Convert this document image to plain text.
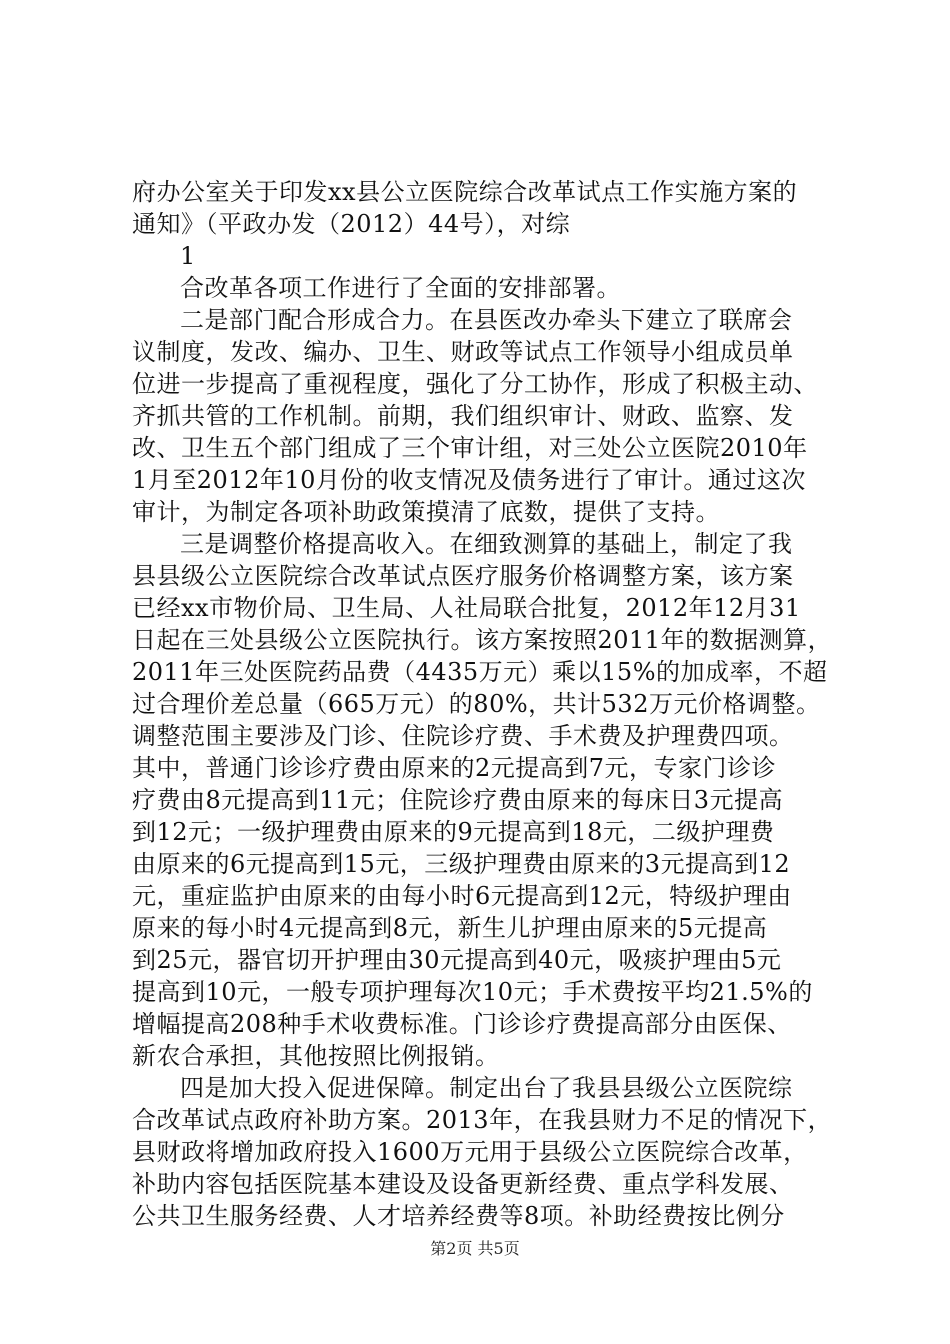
府办公室关于印发xx县公立医院综合改革试点工作实施方案的
通知》（平政办发（2012）44号），对综
1
合改革各项工作进行了全面的安排部署。
二是部门配合形成合力。在县医改办牵头下建立了联席会
议制度，发改、编办、卫生、财政等试点工作领导小组成员单
位进一步提高了重视程度，强化了分工协作，形成了积极主动、
齐抓共管的工作机制。前期，我们组织审计、财政、监察、发
改、卫生五个部门组成了三个审计组，对三处公立医院2010年
1月至2012年10月份的收支情况及债务进行了审计。通过这次
审计，为制定各项补助政策摸清了底数，提供了支持。
三是调整价格提高收入。在细致测算的基础上，制定了我
县县级公立医院综合改革试点医疗服务价格调整方案，该方案
已经xx市物价局、卫生局、人社局联合批复，2012年12月31
日起在三处县级公立医院执行。该方案按照2011年的数据测算，
2011年三处医院药品费（4435万元）乘以15%的加成率，不超
过合理价差总量（665万元）的80%，共计532万元价格调整。
调整范围主要涉及门诊、住院诊疗费、手术费及护理费四项。
其中，普通门诊诊疗费由原来的2元提高到7元，专家门诊诊
疗费由8元提高到11元；住院诊疗费由原来的每床日3元提高
到12元；一级护理费由原来的9元提高到18元，二级护理费
由原来的6元提高到15元，三级护理费由原来的3元提高到12
元，重症监护由原来的由每小时6元提高到12元，特级护理由
原来的每小时4元提高到8元，新生儿护理由原来的5元提高
到25元，器官切开护理由30元提高到40元，吸痰护理由5元
提高到10元，一般专项护理每次10元；手术费按平均21.5%的
增幅提高208种手术收费标准。门诊诊疗费提高部分由医保、
新农合承担，其他按照比例报销。
四是加大投入促进保障。制定出台了我县县级公立医院综
合改革试点政府补助方案。2013年，在我县财力不足的情况下，
县财政将增加政府投入1600万元用于县级公立医院综合改革，
补助内容包括医院基本建设及设备更新经费、重点学科发展、
公共卫生服务经费、人才培养经费等8项。补助经费按比例分
第2页 共5页
